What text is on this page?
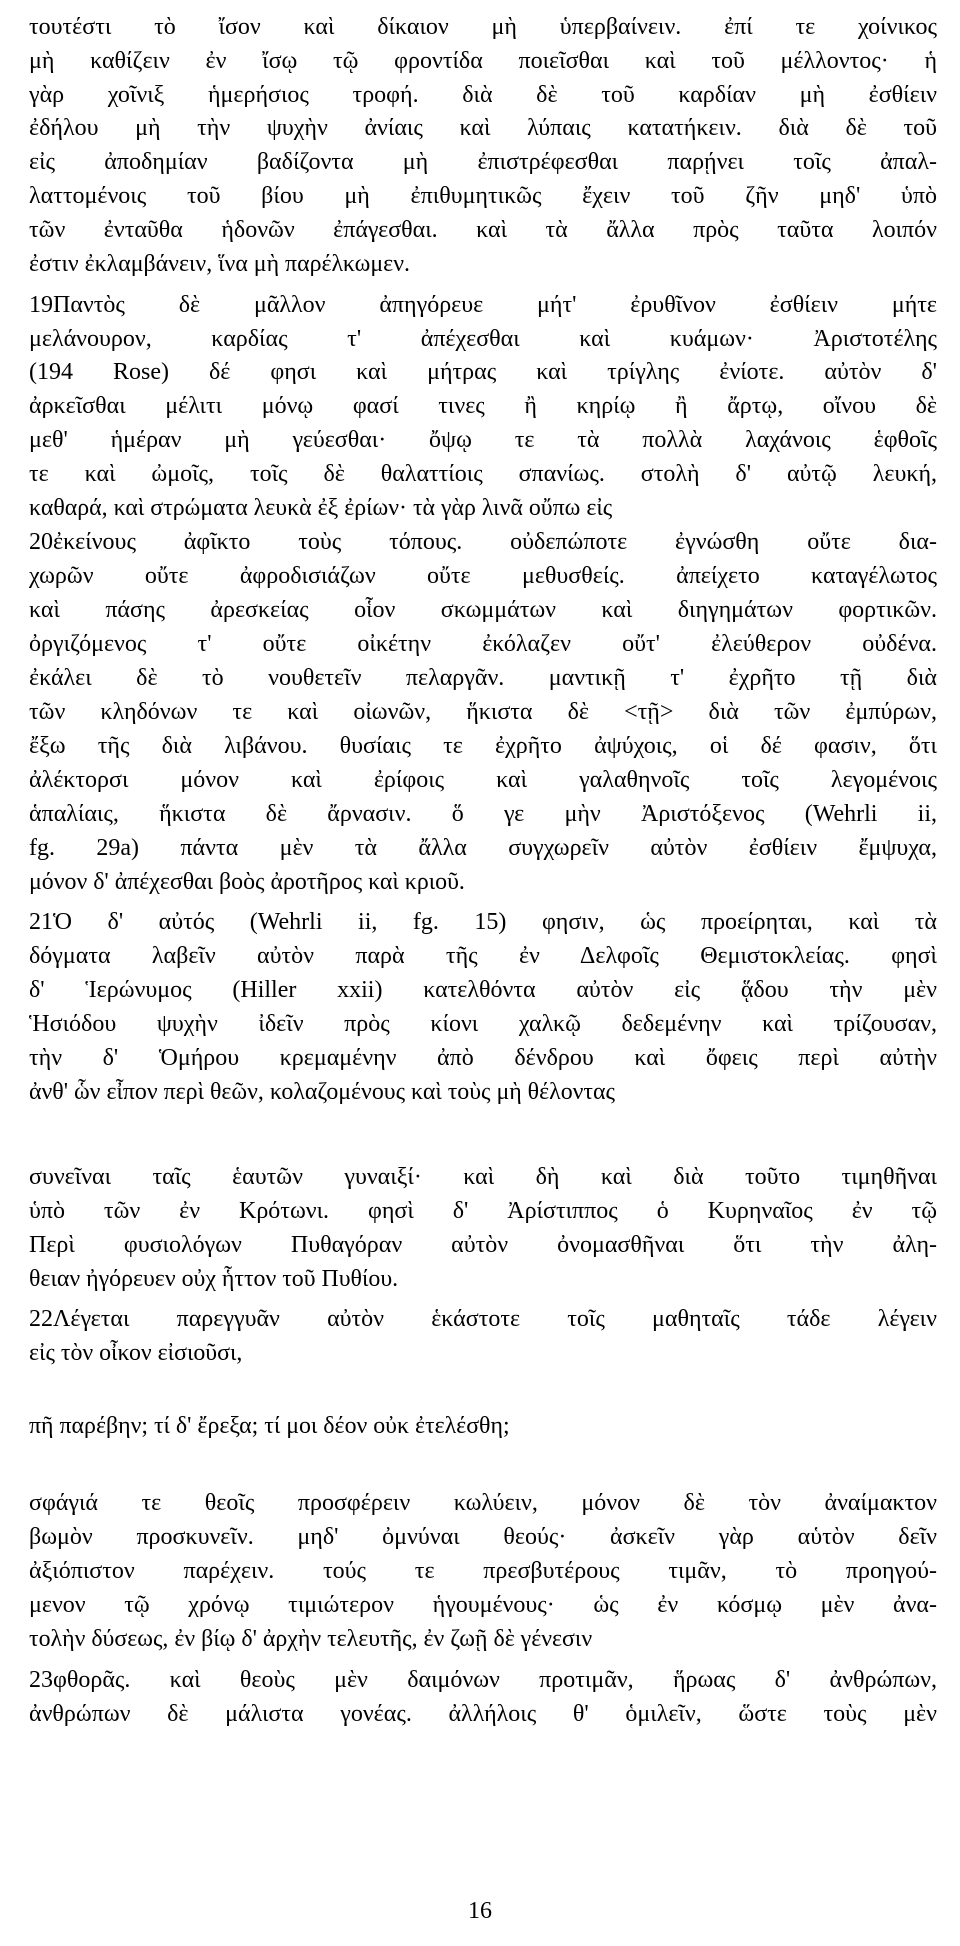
τουτέστι τὸ ἴσον καὶ δίκαιον μὴ ὑπερβαίνειν. ἐπί τε χοίνικος
μὴ καθίζειν ἐν ἴσῳ τῷ φροντίδα ποιεῖσθαι καὶ τοῦ μέλλοντος· ἡ
γὰρ χοῖνιξ ἡμερήσιος τροφή. διὰ δὲ τοῦ καρδίαν μὴ ἐσθίειν
ἐδήλου μὴ τὴν ψυχὴν ἀνίαις καὶ λύπαις κατατήκειν. διὰ δὲ τοῦ
εἰς ἀποδημίαν βαδίζοντα μὴ ἐπιστρέφεσθαι παρῄνει τοῖς ἀπαλ-
λαττομένοις τοῦ βίου μὴ ἐπιθυμητικῶς ἔχειν τοῦ ζῆν μηδ' ὑπὸ
τῶν ἐνταῦθα ἡδονῶν ἐπάγεσθαι. καὶ τὰ ἄλλα πρὸς ταῦτα λοιπόν
ἐστιν ἐκλαμβάνειν, ἵνα μὴ παρέλκωμεν.
19Παντὸς δὲ μᾶλλον ἀπηγόρευε μήτ' ἐρυθῖνον ἐσθίειν μήτε
μελάνουρον, καρδίας τ' ἀπέχεσθαι καὶ κυάμων· Ἀριστοτέλης
(194 Rose) δέ φησι καὶ μήτρας καὶ τρίγλης ἐνίοτε. αὐτὸν δ'
ἀρκεῖσθαι μέλιτι μόνῳ φασί τινες ἢ κηρίῳ ἢ ἄρτῳ, οἴνου δὲ
μεθ' ἡμέραν μὴ γεύεσθαι· ὄψῳ τε τὰ πολλὰ λαχάνοις ἑφθοῖς
τε καὶ ὠμοῖς, τοῖς δὲ θαλαττίοις σπανίως. στολὴ δ' αὐτῷ λευκή,
καθαρά, καὶ στρώματα λευκὰ ἐξ ἐρίων· τὰ γὰρ λινᾶ οὔπω εἰς
20ἐκείνους ἀφῖκτο τοὺς τόπους. οὐδεπώποτε ἐγνώσθη οὔτε δια-
χωρῶν οὔτε ἀφροδισιάζων οὔτε μεθυσθείς. ἀπείχετο καταγέλωτος
καὶ πάσης ἀρεσκείας οἷον σκωμμάτων καὶ διηγημάτων φορτικῶν.
ὀργιζόμενος τ' οὔτε οἰκέτην ἐκόλαζεν οὔτ' ἐλεύθερον οὐδένα.
ἐκάλει δὲ τὸ νουθετεῖν πελαργᾶν. μαντικῇ τ' ἐχρῆτο τῇ διὰ
τῶν κληδόνων τε καὶ οἰωνῶν, ἥκιστα δὲ <τῇ> διὰ τῶν ἐμπύρων,
ἔξω τῆς διὰ λιβάνου. θυσίαις τε ἐχρῆτο ἀψύχοις, οἱ δέ φασιν, ὅτι
ἀλέκτορσι μόνον καὶ ἐρίφοις καὶ γαλαθηνοῖς τοῖς λεγομένοις
ἁπαλίαις, ἥκιστα δὲ ἄρνασιν. ὅ γε μὴν Ἀριστόξενος (Wehrli ii,
fg. 29a) πάντα μὲν τὰ ἄλλα συγχωρεῖν αὐτὸν ἐσθίειν ἔμψυχα,
μόνον δ' ἀπέχεσθαι βοὸς ἀροτῆρος καὶ κριοῦ.
21Ὁ δ' αὐτός (Wehrli ii, fg. 15) φησιν, ὡς προείρηται, καὶ τὰ
δόγματα λαβεῖν αὐτὸν παρὰ τῆς ἐν Δελφοῖς Θεμιστοκλείας. φησὶ
δ' Ἱερώνυμος (Hiller xxii) κατελθόντα αὐτὸν εἰς ᾅδου τὴν μὲν
Ἡσιόδου ψυχὴν ἰδεῖν πρὸς κίονι χαλκῷ δεδεμένην καὶ τρίζουσαν,
τὴν δ' Ὁμήρου κρεμαμένην ἀπὸ δένδρου καὶ ὄφεις περὶ αὐτὴν
ἀνθ' ὧν εἶπον περὶ θεῶν, κολαζομένους καὶ τοὺς μὴ θέλοντας
συνεῖναι ταῖς ἑαυτῶν γυναιξί· καὶ δὴ καὶ διὰ τοῦτο τιμηθῆναι
ὑπὸ τῶν ἐν Κρότωνι. φησὶ δ' Ἀρίστιππος ὁ Κυρηναῖος ἐν τῷ
Περὶ φυσιολόγων Πυθαγόραν αὐτὸν ὀνομασθῆναι ὅτι τὴν ἀλη-
θειαν ἠγόρευεν οὐχ ἧττον τοῦ Πυθίου.
22Λέγεται παρεγγυᾶν αὐτὸν ἑκάστοτε τοῖς μαθηταῖς τάδε λέγειν
εἰς τὸν οἶκον εἰσιοῦσι,
πῆ παρέβην; τί δ' ἔρεξα; τί μοι δέον οὐκ ἐτελέσθη;
σφάγιά τε θεοῖς προσφέρειν κωλύειν, μόνον δὲ τὸν ἀναίμακτον
βωμὸν προσκυνεῖν. μηδ' ὀμνύναι θεούς· ἀσκεῖν γὰρ αὑτὸν δεῖν
ἀξιόπιστον παρέχειν. τούς τε πρεσβυτέρους τιμᾶν, τὸ προηγού-
μενον τῷ χρόνῳ τιμιώτερον ἡγουμένους· ὡς ἐν κόσμῳ μὲν ἀνα-
τολὴν δύσεως, ἐν βίῳ δ' ἀρχὴν τελευτῆς, ἐν ζωῇ δὲ γένεσιν
23φθορᾶς. καὶ θεοὺς μὲν δαιμόνων προτιμᾶν, ἥρωας δ' ἀνθρώπων,
ἀνθρώπων δὲ μάλιστα γονέας. ἀλλήλοις θ' ὁμιλεῖν, ὥστε τοὺς μὲν
16
